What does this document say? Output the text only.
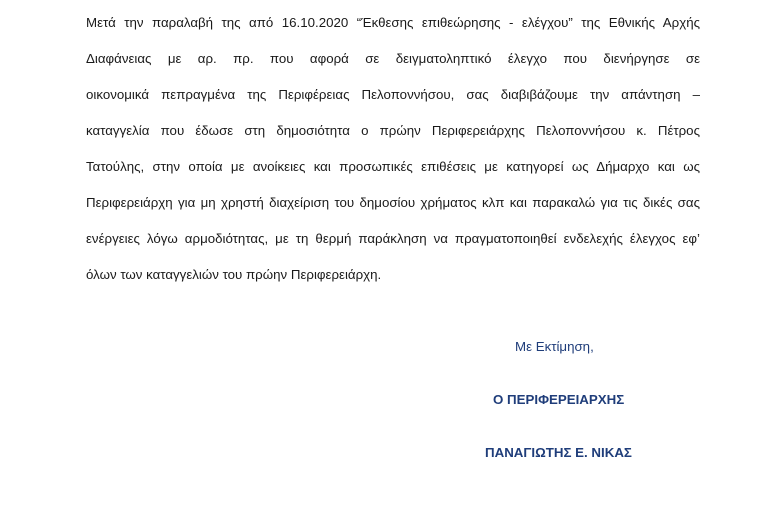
Μετά την παραλαβή της από 16.10.2020 “Έκθεσης επιθεώρησης - ελέγχου” της Εθνικής Αρχής
Διαφάνειας με αρ. πρ. που αφορά σε δειγματοληπτικό έλεγχο που διενήργησε σε
οικονομικά πεπραγμένα της Περιφέρειας Πελοποννήσου, σας διαβιβάζουμε την απάντηση –
καταγγελία που έδωσε στη δημοσιότητα ο πρώην Περιφερειάρχης Πελοποννήσου κ. Πέτρος
Τατούλης, στην οποία με ανοίκειες και προσωπικές επιθέσεις με κατηγορεί ως Δήμαρχο και ως
Περιφερειάρχη για μη χρηστή διαχείριση του δημοσίου χρήματος κλπ και παρακαλώ για τις δικές σας
ενέργειες λόγω αρμοδιότητας, με τη θερμή παράκληση να πραγματοποιηθεί ενδελεχής έλεγχος εφ’
όλων των καταγγελιών του πρώην Περιφερειάρχη.
Με Εκτίμηση,
Ο ΠΕΡΙΦΕΡΕΙΑΡΧΗΣ
ΠΑΝΑΓΙΩΤΗΣ Ε. ΝΙΚΑΣ
